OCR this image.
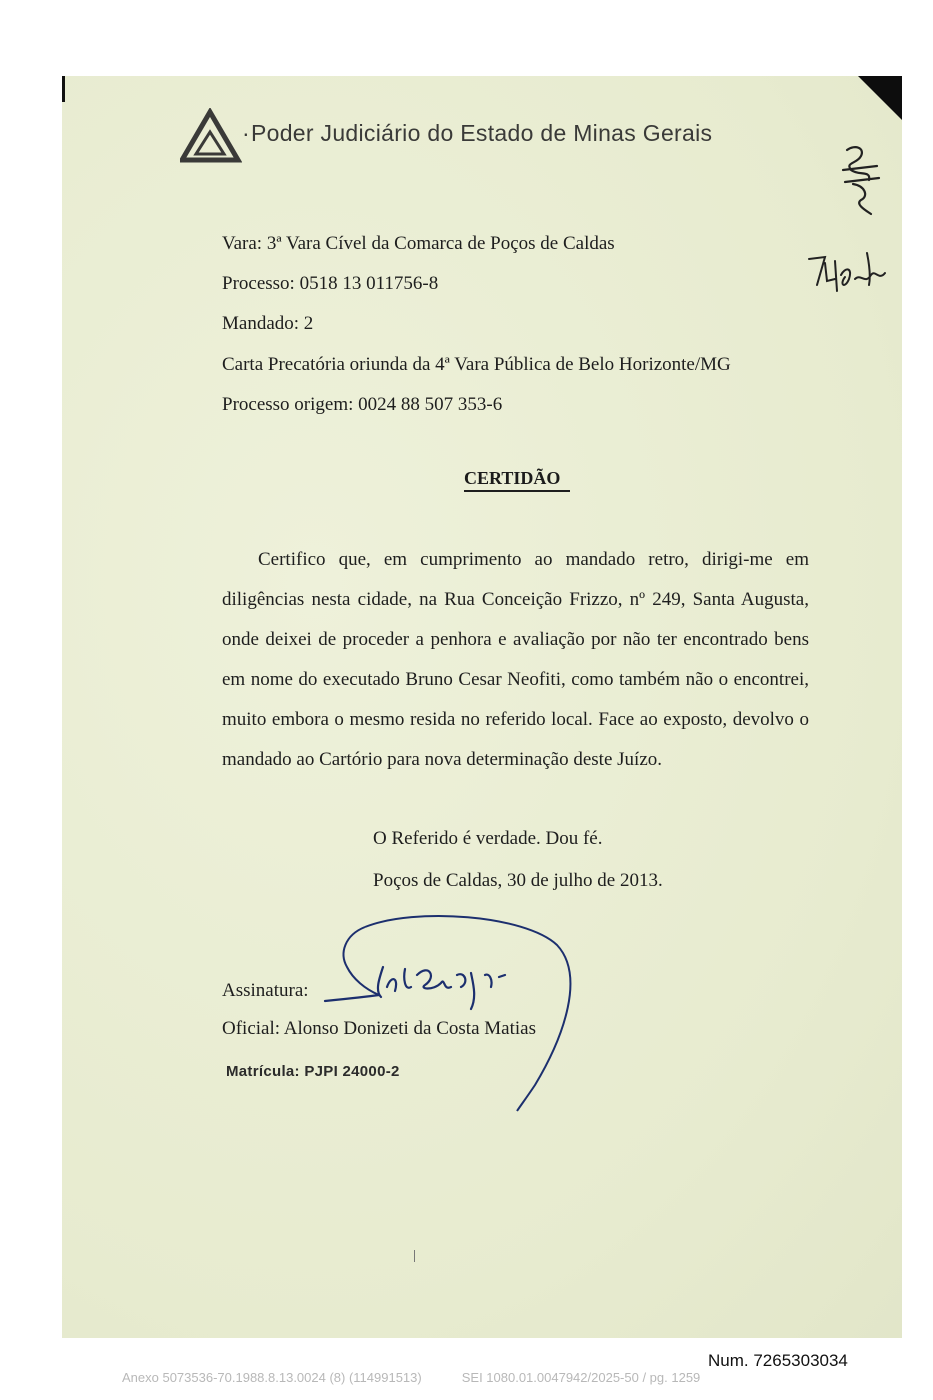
· Poder Judiciário do Estado de Minas Gerais
Vara: 3ª Vara Cível da Comarca de Poços de Caldas
Processo: 0518 13 011756-8
Mandado: 2
Carta Precatória oriunda da 4ª Vara Pública de Belo Horizonte/MG
Processo origem: 0024 88 507 353-6
CERTIDÃO
Certifico que, em cumprimento ao mandado retro, dirigi-me em diligências nesta cidade, na Rua Conceição Frizzo, nº 249, Santa Augusta, onde deixei de proceder a penhora e avaliação por não ter encontrado bens em nome do executado Bruno Cesar Neofiti, como também não o encontrei, muito embora o mesmo resida no referido local. Face ao exposto, devolvo o mandado ao Cartório para nova determinação deste Juízo.
O Referido é verdade. Dou fé.
Poços de Caldas, 30 de julho de 2013.
Assinatura:
Oficial: Alonso Donizeti da Costa Matias
Matrícula: PJPI 24000-2
Num. 7265303034
Anexo 5073536-70.1988.8.13.0024 (8) (114991513)	SEI 1080.01.0047942/2025-50 / pg. 1259
